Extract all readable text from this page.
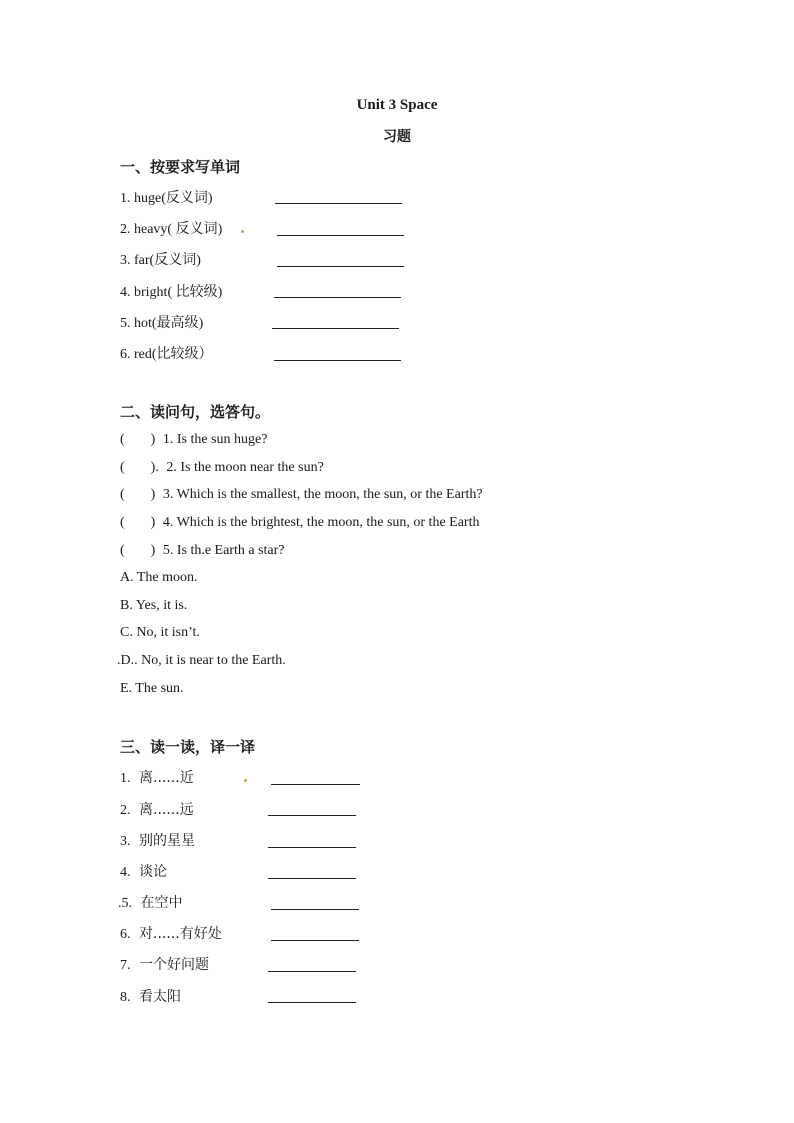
Unit 3 Space
习题
一、按要求写单词
1. huge(反义词)
2. heavy( 反义词)
3. far(反义词)
4. bright( 比较级)
5. hot(最高级)
6. red(比较级）
二、读问句，选答句。
( ) 1. Is the sun huge?
( ). 2. Is the moon near the sun?
( ) 3. Which is the smallest, the moon, the sun, or the Earth?
( ) 4. Which is the brightest, the moon, the sun, or the Earth
( ) 5. Is th.e Earth a star?
A. The moon.
B. Yes, it is.
C. No, it isn’t.
.D.. No, it is near to the Earth.
E. The sun.
三、读一读，译一译
1. 离......近
2. 离......远
3. 别的星星
4. 谈论
.5. 在空中
6. 对......有好处
7. 一个好问题
8. 看太阳
